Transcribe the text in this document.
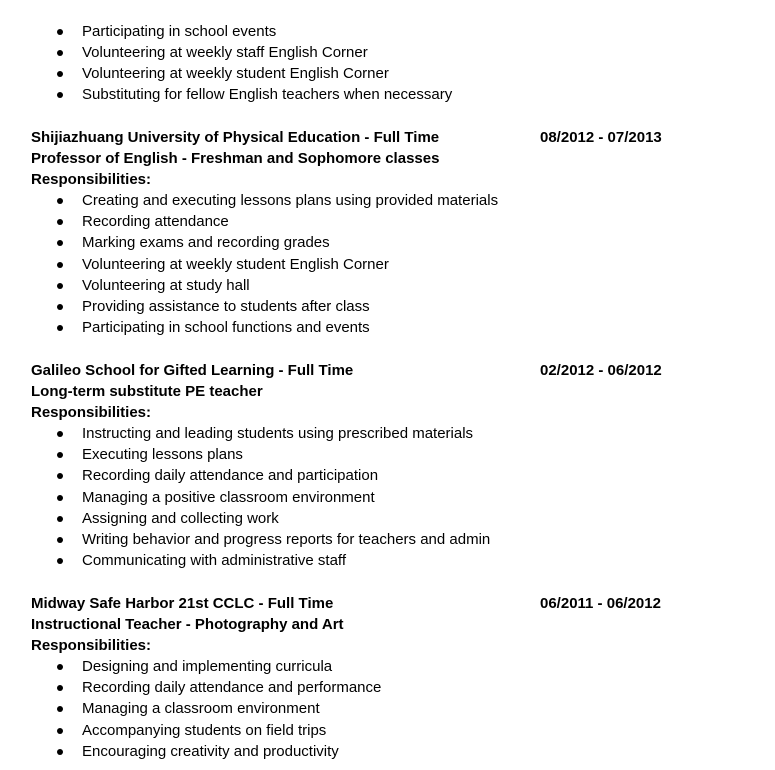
Participating in school events
Volunteering at weekly staff English Corner
Volunteering at weekly student English Corner
Substituting for fellow English teachers when necessary
Shijiazhuang University of Physical Education - Full Time	08/2012 - 07/2013
Professor of English - Freshman and Sophomore classes
Responsibilities:
Creating and executing lessons plans using provided materials
Recording attendance
Marking exams and recording grades
Volunteering at weekly student English Corner
Volunteering at study hall
Providing assistance to students after class
Participating in school functions and events
Galileo School for Gifted Learning - Full Time	02/2012 - 06/2012
Long-term substitute PE teacher
Responsibilities:
Instructing and leading students using prescribed materials
Executing lessons plans
Recording daily attendance and participation
Managing a positive classroom environment
Assigning and collecting work
Writing behavior and progress reports for teachers and admin
Communicating with administrative staff
Midway Safe Harbor 21st CCLC - Full Time	06/2011 - 06/2012
Instructional Teacher - Photography and Art
Responsibilities:
Designing and implementing curricula
Recording daily attendance and performance
Managing a classroom environment
Accompanying students on field trips
Encouraging creativity and productivity
